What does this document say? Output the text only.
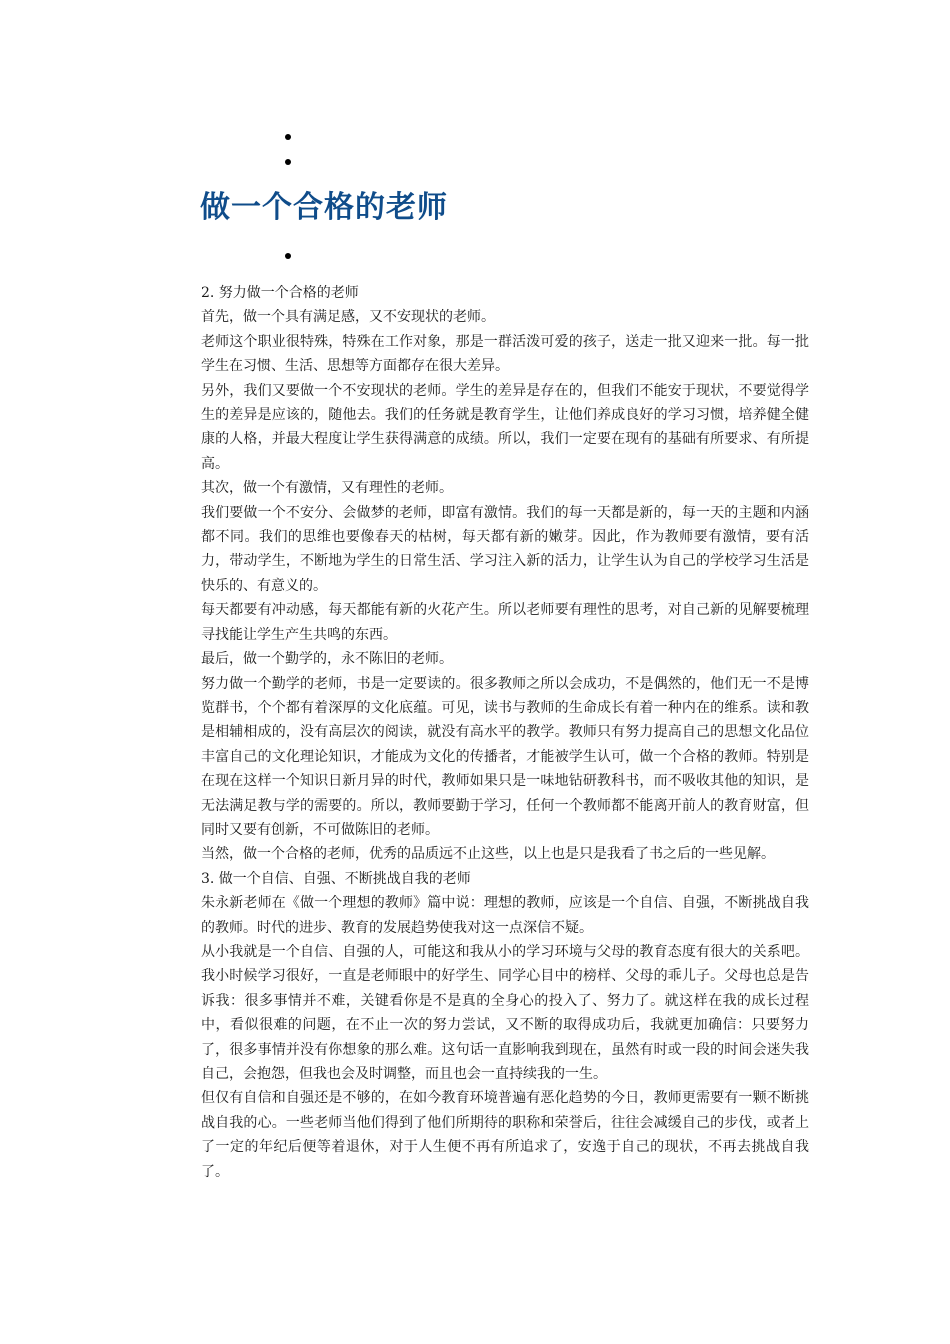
做一个合格的老师

2. 努力做一个合格的老师

首先，做一个具有满足感，又不安现状的老师。

老师这个职业很特殊，特殊在工作对象，那是一群活泼可爱的孩子，送走一批又迎来一批。每一批学生在习惯、生活、思想等方面都存在很大差异。

另外，我们又要做一个不安现状的老师。学生的差异是存在的，但我们不能安于现状，不要觉得学生的差异是应该的，随他去。我们的任务就是教育学生，让他们养成良好的学习习惯，培养健全健康的人格，并最大程度让学生获得满意的成绩。所以，我们一定要在现有的基础有所要求、有所提高。

其次，做一个有激情，又有理性的老师。

我们要做一个不安分、会做梦的老师，即富有激情。我们的每一天都是新的，每一天的主题和内涵都不同。我们的思维也要像春天的枯树，每天都有新的嫩芽。因此，作为教师要有激情，要有活力，带动学生，不断地为学生的日常生活、学习注入新的活力，让学生认为自己的学校学习生活是快乐的、有意义的。

每天都要有冲动感，每天都能有新的火花产生。所以老师要有理性的思考，对自己新的见解要梳理寻找能让学生产生共鸣的东西。

最后，做一个勤学的，永不陈旧的老师。

努力做一个勤学的老师，书是一定要读的。很多教师之所以会成功，不是偶然的，他们无一不是博览群书，个个都有着深厚的文化底蕴。可见，读书与教师的生命成长有着一种内在的维系。读和教是相辅相成的，没有高层次的阅读，就没有高水平的教学。教师只有努力提高自己的思想文化品位丰富自己的文化理论知识，才能成为文化的传播者，才能被学生认可，做一个合格的教师。特别是在现在这样一个知识日新月异的时代，教师如果只是一味地钻研教科书，而不吸收其他的知识，是无法满足教与学的需要的。所以，教师要勤于学习，任何一个教师都不能离开前人的教育财富，但同时又要有创新，不可做陈旧的老师。

当然，做一个合格的老师，优秀的品质远不止这些，以上也是只是我看了书之后的一些见解。

3. 做一个自信、自强、不断挑战自我的老师

朱永新老师在《做一个理想的教师》篇中说：理想的教师，应该是一个自信、自强，不断挑战自我的教师。时代的进步、教育的发展趋势使我对这一点深信不疑。

从小我就是一个自信、自强的人，可能这和我从小的学习环境与父母的教育态度有很大的关系吧。我小时候学习很好，一直是老师眼中的好学生、同学心目中的榜样、父母的乖儿子。父母也总是告诉我：很多事情并不难，关键看你是不是真的全身心的投入了、努力了。就这样在我的成长过程中，看似很难的问题，在不止一次的努力尝试，又不断的取得成功后，我就更加确信：只要努力了，很多事情并没有你想象的那么难。这句话一直影响我到现在，虽然有时或一段的时间会迷失我自己，会抱怨，但我也会及时调整，而且也会一直持续我的一生。

但仅有自信和自强还是不够的，在如今教育环境普遍有恶化趋势的今日，教师更需要有一颗不断挑战自我的心。一些老师当他们得到了他们所期待的职称和荣誉后，往往会减缓自己的步伐，或者上了一定的年纪后便等着退休，对于人生便不再有所追求了，安逸于自己的现状，不再去挑战自我了。
